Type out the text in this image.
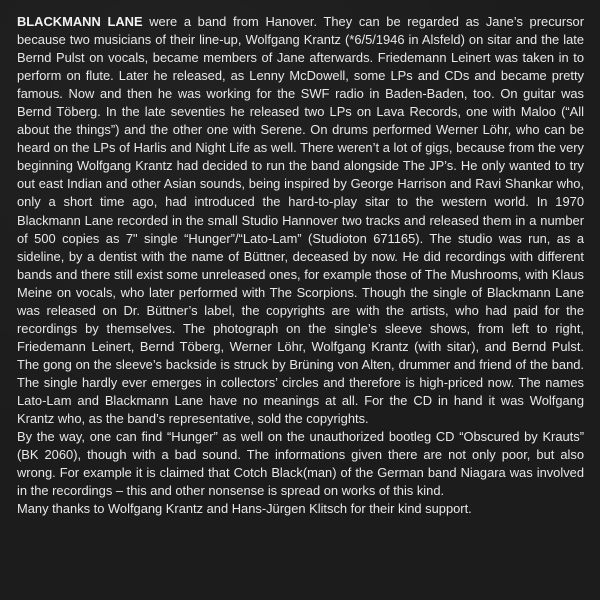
BLACKMANN LANE were a band from Hanover. They can be regarded as Jane’s precursor because two musicians of their line-up, Wolfgang Krantz (*6/5/1946 in Alsfeld) on sitar and the late Bernd Pulst on vocals, became members of Jane afterwards. Friedemann Leinert was taken in to perform on flute. Later he released, as Lenny McDowell, some LPs and CDs and became pretty famous. Now and then he was working for the SWF radio in Baden-Baden, too. On guitar was Bernd Töberg. In the late seventies he released two LPs on Lava Records, one with Maloo (“All about the things”) and the other one with Serene. On drums performed Werner Löhr, who can be heard on the LPs of Harlis and Night Life as well. There weren’t a lot of gigs, because from the very beginning Wolfgang Krantz had decided to run the band alongside The JP’s. He only wanted to try out east Indian and other Asian sounds, being inspired by George Harrison and Ravi Shankar who, only a short time ago, had introduced the hard-to-play sitar to the western world. In 1970 Blackmann Lane recorded in the small Studio Hannover two tracks and released them in a number of 500 copies as 7" single “Hunger”/“Lato-Lam” (Studioton 671165). The studio was run, as a sideline, by a dentist with the name of Büttner, deceased by now. He did recordings with different bands and there still exist some unreleased ones, for example those of The Mushrooms, with Klaus Meine on vocals, who later performed with The Scorpions. Though the single of Blackmann Lane was released on Dr. Büttner’s label, the copyrights are with the artists, who had paid for the recordings by themselves. The photograph on the single’s sleeve shows, from left to right, Friedemann Leinert, Bernd Töberg, Werner Löhr, Wolfgang Krantz (with sitar), and Bernd Pulst. The gong on the sleeve’s backside is struck by Brüning von Alten, drummer and friend of the band. The single hardly ever emerges in collectors’ circles and therefore is high-priced now. The names Lato-Lam and Blackmann Lane have no meanings at all. For the CD in hand it was Wolfgang Krantz who, as the band’s representative, sold the copyrights.

By the way, one can find “Hunger” as well on the unauthorized bootleg CD “Obscured by Krauts” (BK 2060), though with a bad sound. The informations given there are not only poor, but also wrong. For example it is claimed that Cotch Black(man) of the German band Niagara was involved in the recordings – this and other nonsense is spread on works of this kind.

Many thanks to Wolfgang Krantz and Hans-Jürgen Klitsch for their kind support.
